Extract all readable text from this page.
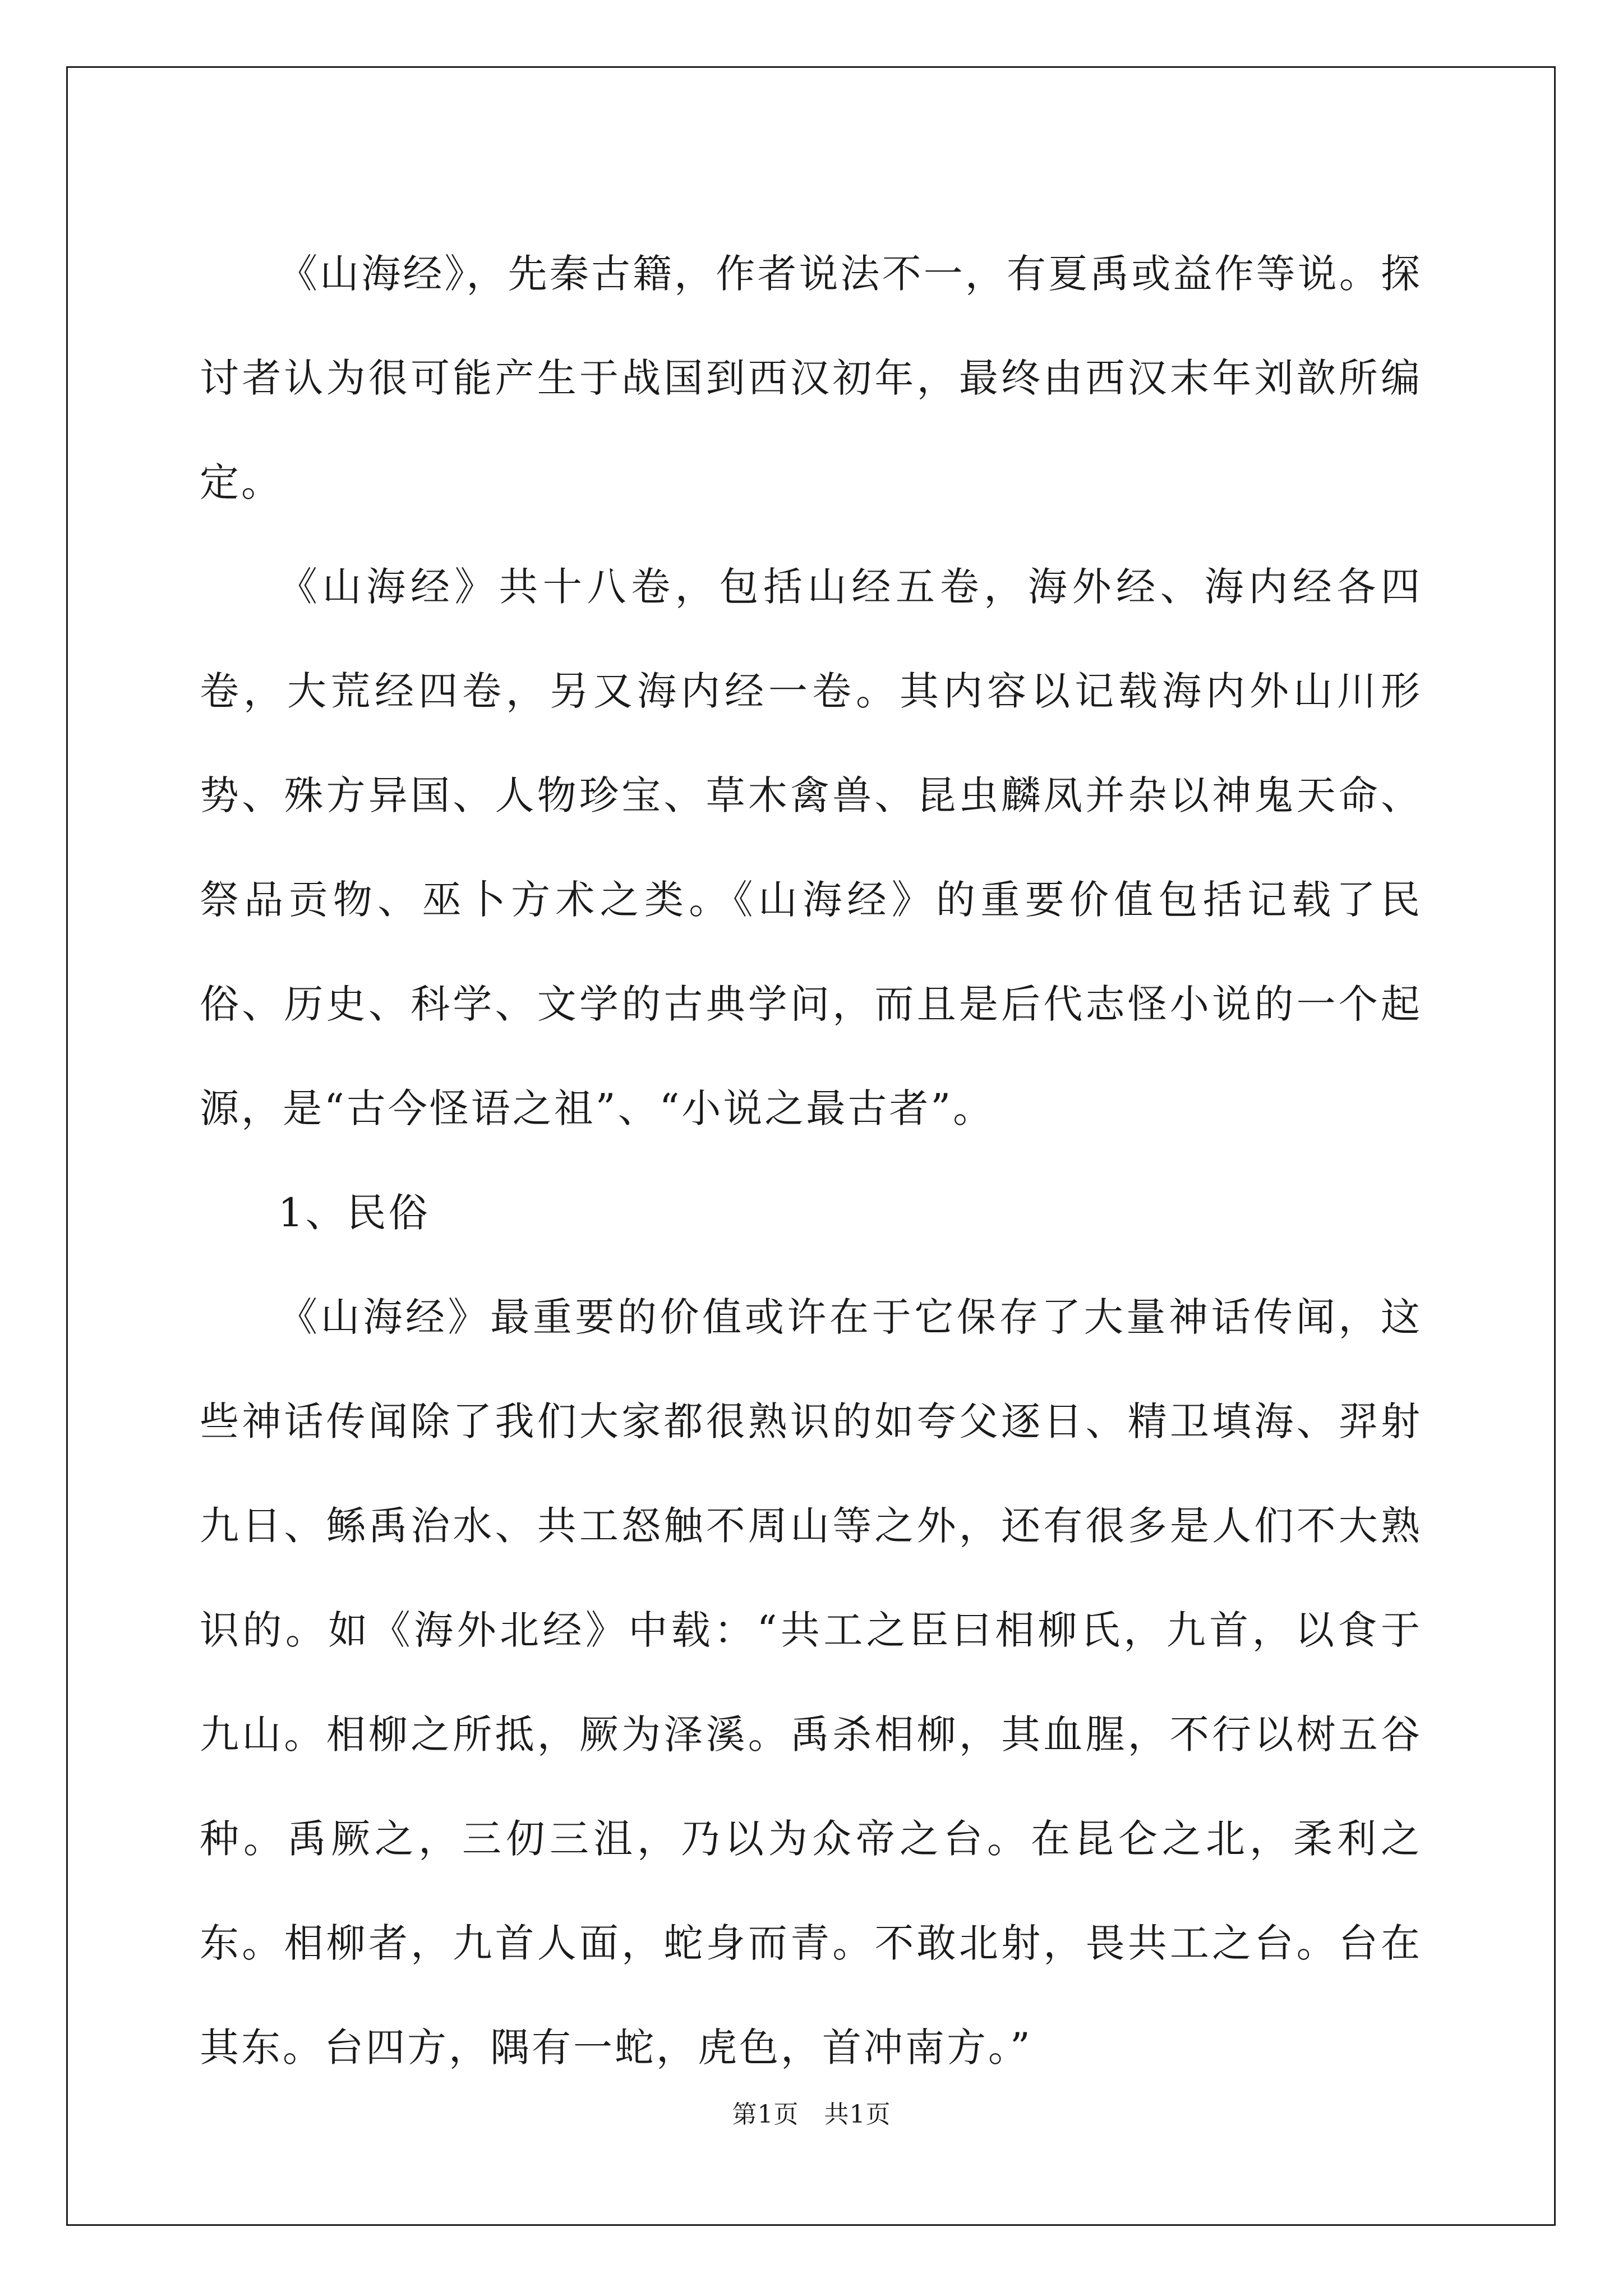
《山海经》，先秦古籍，作者说法不一，有夏禹或益作等说。探讨者认为很可能产生于战国到西汉初年，最终由西汉末年刘歆所编定。

《山海经》共十八卷，包括山经五卷，海外经、海内经各四卷，大荒经四卷，另又海内经一卷。其内容以记载海内外山川形势、殊方异国、人物珍宝、草木禽兽、昆虫麟凤并杂以神鬼天命、祭品贡物、巫卜方术之类。《山海经》的重要价值包括记载了民俗、历史、科学、文学的古典学问，而且是后代志怪小说的一个起源，是“古今怪语之祖”、“小说之最古者”。

1、民俗

《山海经》最重要的价值或许在于它保存了大量神话传闻，这些神话传闻除了我们大家都很熟识的如夸父逐日、精卫填海、羿射九日、鲧禹治水、共工怒触不周山等之外，还有很多是人们不大熟识的。如《海外北经》中载：“共工之臣曰相柳氏，九首，以食于九山。相柳之所抵，厥为泽溪。禹杀相柳，其血腥，不行以树五谷种。禹厥之，三仞三沮，乃以为众帝之台。在昆仑之北，柔利之东。相柳者，九首人面，蛇身而青。不敢北射，畏共工之台。台在其东。台四方，隅有一蛇，虎色，首冲南方。”

第1页　共1页
